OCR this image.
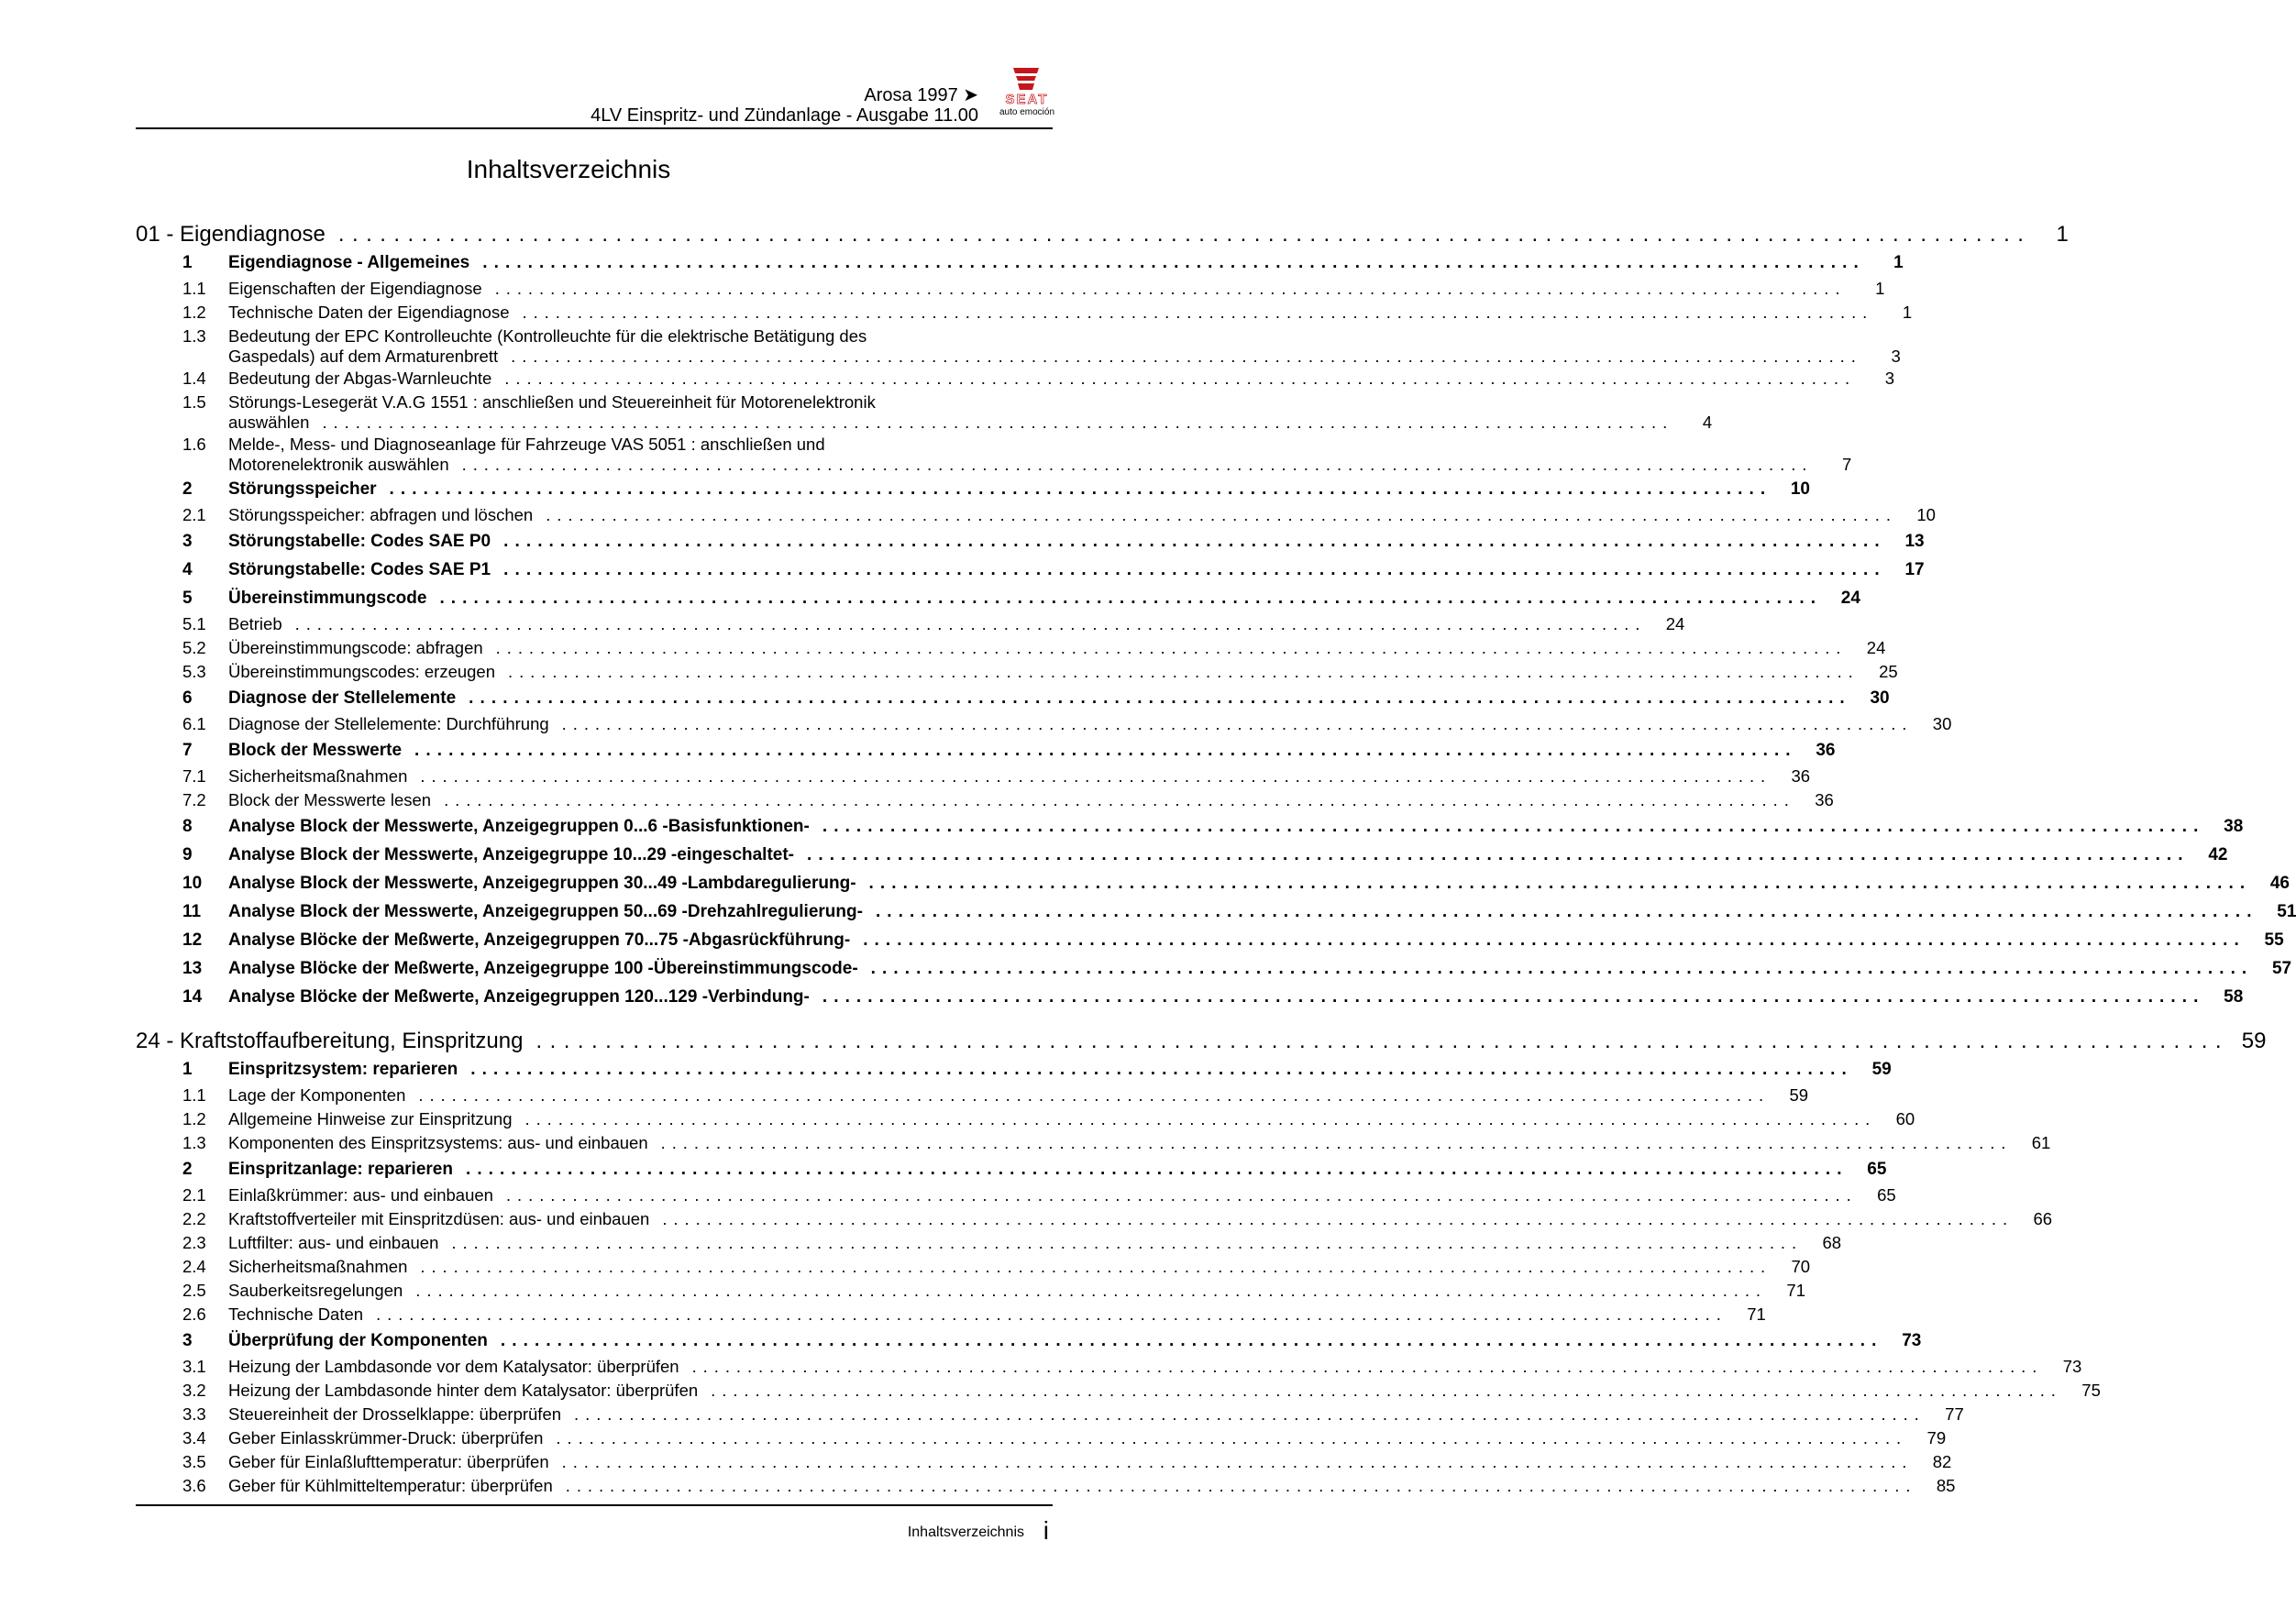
Arosa 1997 ➤
4LV Einspritz- und Zündanlage - Ausgabe 11.00
SEAT
auto emoción
Inhaltsverzeichnis
01 - Eigendiagnose . . .	1
1	Eigendiagnose - Allgemeines . . .	1
1.1	Eigenschaften der Eigendiagnose . . .	1
1.2	Technische Daten der Eigendiagnose . . .	1
1.3	Bedeutung der EPC Kontrolleuchte (Kontrolleuchte für die elektrische Betätigung des
Gaspedals) auf dem Armaturenbrett . . .	3
1.4	Bedeutung der Abgas-Warnleuchte . . .	3
1.5	Störungs-Lesegerät V.A.G 1551 : anschließen und Steuereinheit für Motorenelektronik
auswählen . . .	4
1.6	Melde-, Mess- und Diagnoseanlage für Fahrzeuge VAS 5051 : anschließen und
Motorenelektronik auswählen . . .	7
2	Störungsspeicher . . .	10
2.1	Störungsspeicher: abfragen und löschen . . .	10
3	Störungstabelle: Codes SAE P0 . . .	13
4	Störungstabelle: Codes SAE P1 . . .	17
5	Übereinstimmungscode . . .	24
5.1	Betrieb . . .	24
5.2	Übereinstimmungscode: abfragen . . .	24
5.3	Übereinstimmungscodes: erzeugen . . .	25
6	Diagnose der Stellelemente . . .	30
6.1	Diagnose der Stellelemente: Durchführung . . .	30
7	Block der Messwerte . . .	36
7.1	Sicherheitsmaßnahmen . . .	36
7.2	Block der Messwerte lesen . . .	36
8	Analyse Block der Messwerte, Anzeigegruppen 0...6 -Basisfunktionen- . . .	38
9	Analyse Block der Messwerte, Anzeigegruppe 10...29 -eingeschaltet- . . .	42
10	Analyse Block der Messwerte, Anzeigegruppen 30...49 -Lambdaregulierung- . . .	46
11	Analyse Block der Messwerte, Anzeigegruppen 50...69 -Drehzahlregulierung- . . .	51
12	Analyse Blöcke der Meßwerte, Anzeigegruppen 70...75 -Abgasrückführung- . . .	55
13	Analyse Blöcke der Meßwerte, Anzeigegruppe 100 -Übereinstimmungscode- . . .	57
14	Analyse Blöcke der Meßwerte, Anzeigegruppen 120...129 -Verbindung- . . .	58
24 - Kraftstoffaufbereitung, Einspritzung . . .	59
1	Einspritzsystem: reparieren . . .	59
1.1	Lage der Komponenten . . .	59
1.2	Allgemeine Hinweise zur Einspritzung . . .	60
1.3	Komponenten des Einspritzsystems: aus- und einbauen . . .	61
2	Einspritzanlage: reparieren . . .	65
2.1	Einlaßkrümmer: aus- und einbauen . . .	65
2.2	Kraftstoffverteiler mit Einspritzdüsen: aus- und einbauen . . .	66
2.3	Luftfilter: aus- und einbauen . . .	68
2.4	Sicherheitsmaßnahmen . . .	70
2.5	Sauberkeitsregelungen . . .	71
2.6	Technische Daten . . .	71
3	Überprüfung der Komponenten . . .	73
3.1	Heizung der Lambdasonde vor dem Katalysator: überprüfen . . .	73
3.2	Heizung der Lambdasonde hinter dem Katalysator: überprüfen . . .	75
3.3	Steuereinheit der Drosselklappe: überprüfen . . .	77
3.4	Geber Einlasskrümmer-Druck: überprüfen . . .	79
3.5	Geber für Einlaßlufttemperatur: überprüfen . . .	82
3.6	Geber für Kühlmitteltemperatur: überprüfen . . .	85
Inhaltsverzeichnis i
